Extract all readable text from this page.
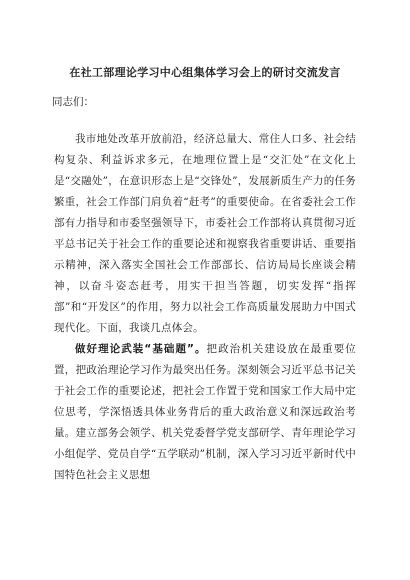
在社工部理论学习中心组集体学习会上的研讨交流发言

同志们：

我市地处改革开放前沿，经济总量大、常住人口多、社会结构复杂、利益诉求多元，在地理位置上是“交汇处”在文化上是“交融处”，在意识形态上是“交锋处”，发展新质生产力的任务繁重，社会工作部门肩负着“赶考”的重要使命。在省委社会工作部有力指导和市委坚强领导下，市委社会工作部将认真贯彻习近平总书记关于社会工作的重要论述和视察我省重要讲话、重要指示精神，深入落实全国社会工作部部长、信访局局长座谈会精神，以奋斗姿态赶考，用实干担当答题，切实发挥“指挥部”和“开发区”的作用，努力以社会工作高质量发展助力中国式现代化。下面，我谈几点体会。

做好理论武装“基础题”。把政治机关建设放在最重要位置，把政治理论学习作为最突出任务。深刻领会习近平总书记关于社会工作的重要论述，把社会工作置于党和国家工作大局中定位思考，学深悟透具体业务背后的重大政治意义和深远政治考量。建立部务会领学、机关党委督学党支部研学、青年理论学习小组促学、党员自学“五学联动”机制，深入学习习近平新时代中国特色社会主义思想
